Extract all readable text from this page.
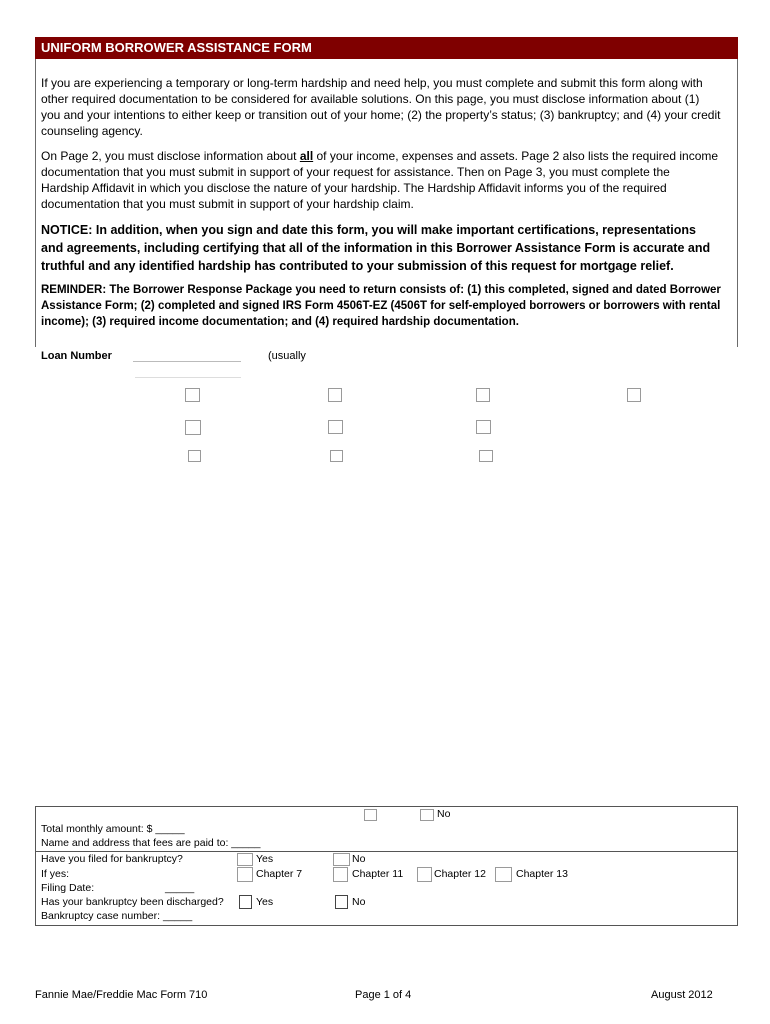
UNIFORM BORROWER ASSISTANCE FORM
If you are experiencing a temporary or long-term hardship and need help, you must complete and submit this form along with other required documentation to be considered for available solutions. On this page, you must disclose information about (1) you and your intentions to either keep or transition out of your home; (2) the property’s status; (3) bankruptcy; and (4) your credit counseling agency.
On Page 2, you must disclose information about all of your income, expenses and assets. Page 2 also lists the required income documentation that you must submit in support of your request for assistance. Then on Page 3, you must complete the Hardship Affidavit in which you disclose the nature of your hardship. The Hardship Affidavit informs you of the required documentation that you must submit in support of your hardship claim.
NOTICE: In addition, when you sign and date this form, you will make important certifications, representations and agreements, including certifying that all of the information in this Borrower Assistance Form is accurate and truthful and any identified hardship has contributed to your submission of this request for mortgage relief.
REMINDER: The Borrower Response Package you need to return consists of: (1) this completed, signed and dated Borrower Assistance Form; (2) completed and signed IRS Form 4506T-EZ (4506T for self-employed borrowers or borrowers with rental income); (3) required income documentation; and (4) required hardship documentation.
Loan Number	(usually
No
Total monthly amount: $ _____
Name and address that fees are paid to: _____
Have you filed for bankruptcy?	Yes	No
If yes:	Chapter 7	Chapter 11	Chapter 12	Chapter 13
Filing Date:	_____
Has your bankruptcy been discharged?	Yes	No
Bankruptcy case number: _____
Fannie Mae/Freddie Mac Form 710	Page 1 of 4	August 2012
